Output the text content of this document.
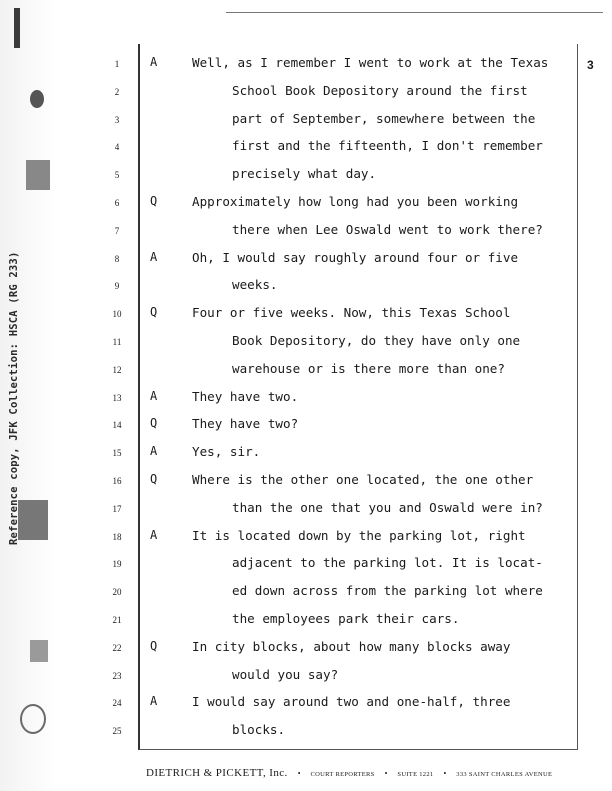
Reference copy, JFK Collection: HSCA (RG 233)
3
1	A	Well, as I remember I went to work at the Texas
2	School Book Depository around the first
3	part of September, somewhere between the
4	first and the fifteenth, I don't remember
5	precisely what day.
6	Q	Approximately how long had you been working
7	there when Lee Oswald went to work there?
8	A	Oh, I would say roughly around four or five
9	weeks.
10	Q	Four or five weeks. Now, this Texas School
11	Book Depository, do they have only one
12	warehouse or is there more than one?
13	A	They have two.
14	Q	They have two?
15	A	Yes, sir.
16	Q	Where is the other one located, the one other
17	than the one that you and Oswald were in?
18	A	It is located down by the parking lot, right
19	adjacent to the parking lot. It is locat-
20	ed down across from the parking lot where
21	the employees park their cars.
22	Q	In city blocks, about how many blocks away
23	would you say?
24	A	I would say around two and one-half, three
25	blocks.
DIETRICH & PICKETT, Inc. • COURT REPORTERS • SUITE 1221 • 333 SAINT CHARLES AVENUE
